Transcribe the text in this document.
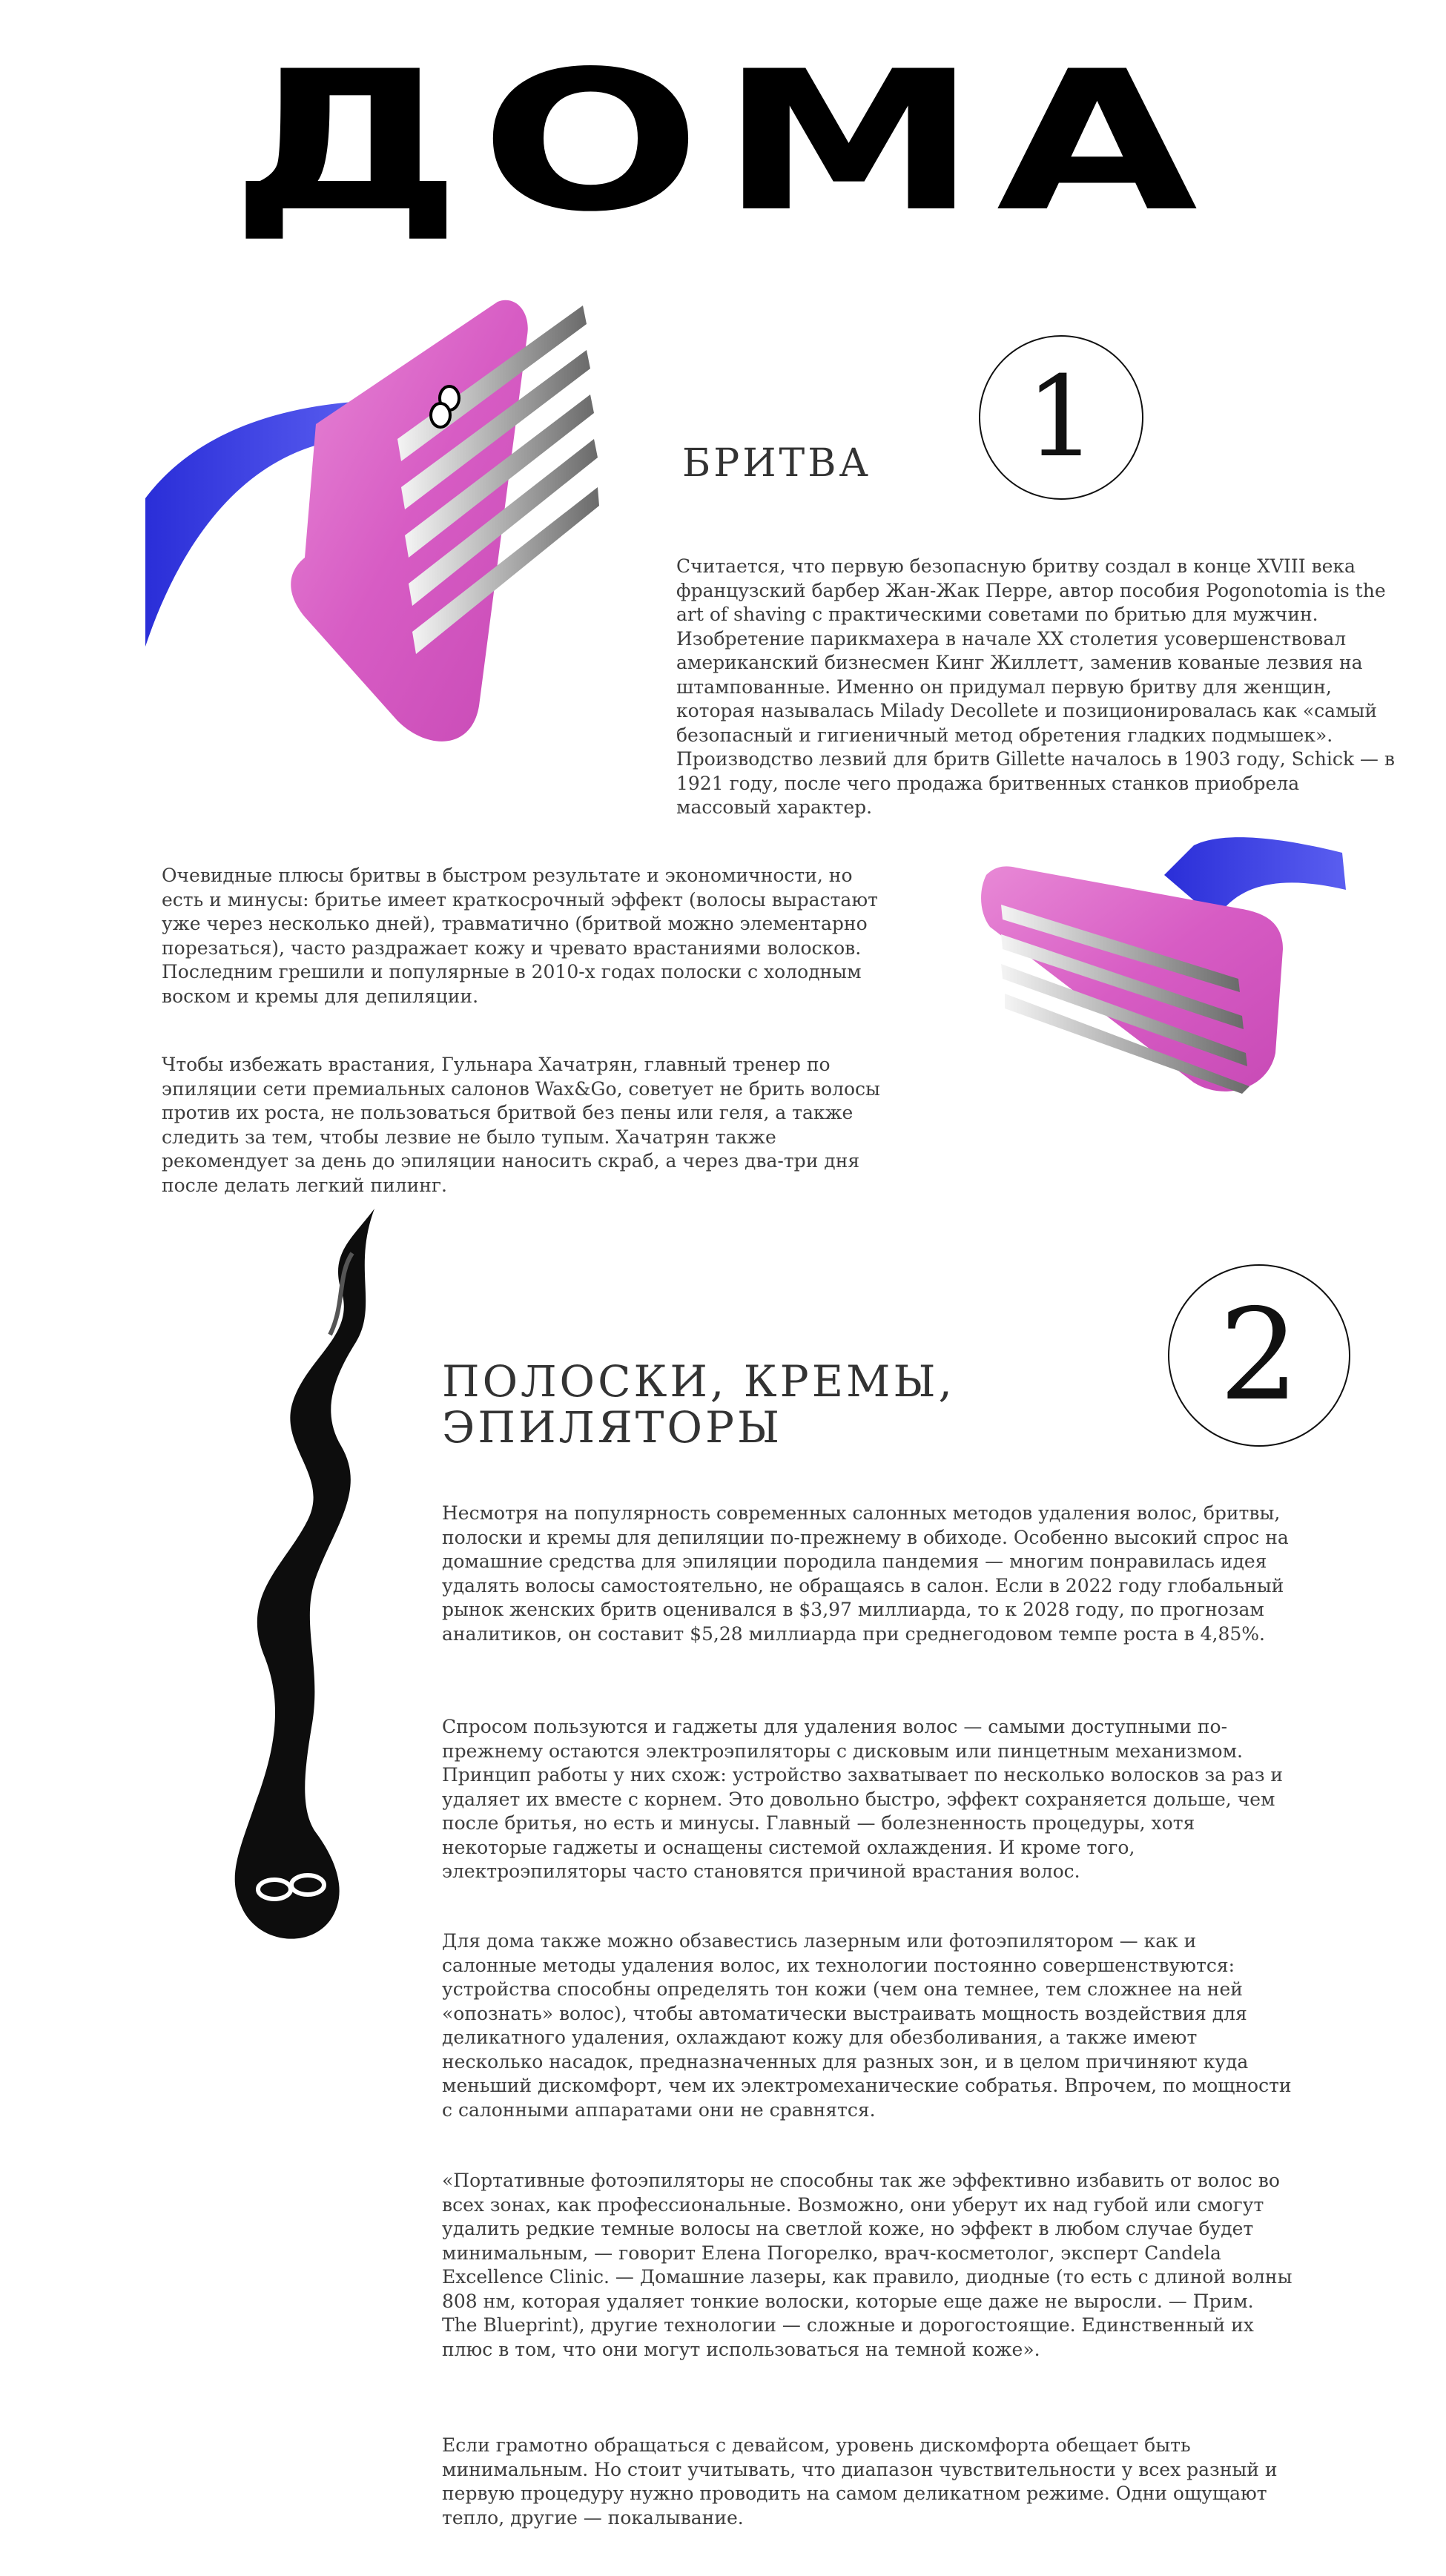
ДОМА
БРИТВА	1

Считается, что первую безопасную бритву создал в конце XVIII века французский барбер Жан-Жак Перре, автор пособия Pogonotomia is the art of shaving с практическими советами по бритью для мужчин. Изобретение парикмахера в начале XX столетия усовершенствовал американский бизнесмен Кинг Жиллетт, заменив кованые лезвия на штампованные. Именно он придумал первую бритву для женщин, которая называлась Milady Decollete и позиционировалась как «самый безопасный и гигиеничный метод обретения гладких подмышек». Производство лезвий для бритв Gillette началось в 1903 году, Schick — в 1921 году, после чего продажа бритвенных станков приобрела массовый характер.

Очевидные плюсы бритвы в быстром результате и экономичности, но есть и минусы: бритье имеет краткосрочный эффект (волосы вырастают уже через несколько дней), травматично (бритвой можно элементарно порезаться), часто раздражает кожу и чревато врастаниями волосков. Последним грешили и популярные в 2010-х годах полоски с холодным воском и кремы для депиляции.

Чтобы избежать врастания, Гульнара Хачатрян, главный тренер по эпиляции сети премиальных салонов Wax&Go, советует не брить волосы против их роста, не пользоваться бритвой без пены или геля, а также следить за тем, чтобы лезвие не было тупым. Хачатрян также рекомендует за день до эпиляции наносить скраб, а через два-три дня после делать легкий пилинг.

ПОЛОСКИ, КРЕМЫ,
ЭПИЛЯТОРЫ	2

Несмотря на популярность современных салонных методов удаления волос, бритвы, полоски и кремы для депиляции по-прежнему в обиходе. Особенно высокий спрос на домашние средства для эпиляции породила пандемия — многим понравилась идея удалять волосы самостоятельно, не обращаясь в салон. Если в 2022 году глобальный рынок женских бритв оценивался в $3,97 миллиарда, то к 2028 году, по прогнозам аналитиков, он составит $5,28 миллиарда при среднегодовом темпе роста в 4,85%.

Спросом пользуются и гаджеты для удаления волос — самыми доступными по-прежнему остаются электроэпиляторы с дисковым или пинцетным механизмом. Принцип работы у них схож: устройство захватывает по несколько волосков за раз и удаляет их вместе с корнем. Это довольно быстро, эффект сохраняется дольше, чем после бритья, но есть и минусы. Главный — болезненность процедуры, хотя некоторые гаджеты и оснащены системой охлаждения. И кроме того, электроэпиляторы часто становятся причиной врастания волос.

Для дома также можно обзавестись лазерным или фотоэпилятором — как и салонные методы удаления волос, их технологии постоянно совершенствуются: устройства способны определять тон кожи (чем она темнее, тем сложнее на ней «опознать» волос), чтобы автоматически выстраивать мощность воздействия для деликатного удаления, охлаждают кожу для обезболивания, а также имеют несколько насадок, предназначенных для разных зон, и в целом причиняют куда меньший дискомфорт, чем их электромеханические собратья. Впрочем, по мощности с салонными аппаратами они не сравнятся.

«Портативные фотоэпиляторы не способны так же эффективно избавить от волос во всех зонах, как профессиональные. Возможно, они уберут их над губой или смогут удалить редкие темные волосы на светлой коже, но эффект в любом случае будет минимальным, — говорит Елена Погорелко, врач-косметолог, эксперт Candela Excellence Clinic. — Домашние лазеры, как правило, диодные (то есть с длиной волны 808 нм, которая удаляет тонкие волоски, которые еще даже не выросли. — Прим. The Blueprint), другие технологии — сложные и дорогостоящие. Единственный их плюс в том, что они могут использоваться на темной коже».

Если грамотно обращаться с девайсом, уровень дискомфорта обещает быть минимальным. Но стоит учитывать, что диапазон чувствительности у всех разный и первую процедуру нужно проводить на самом деликатном режиме. Одни ощущают тепло, другие — покалывание.
